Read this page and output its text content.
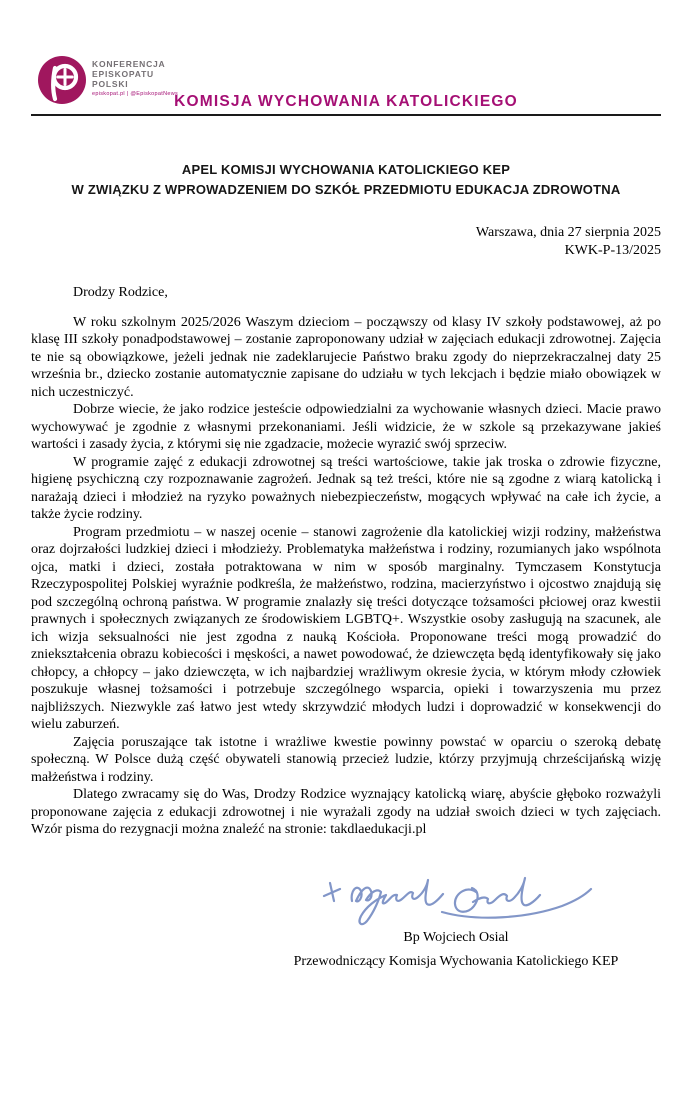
KONFERENCJA
EPISKOPATU
POLSKI
episkopat.pl | @EpiskopatNews
KOMISJA WYCHOWANIA KATOLICKIEGO
APEL KOMISJI WYCHOWANIA KATOLICKIEGO KEP
W ZWIĄZKU Z WPROWADZENIEM DO SZKÓŁ PRZEDMIOTU EDUKACJA ZDROWOTNA
Warszawa, dnia 27 sierpnia 2025
KWK-P-13/2025

Drodzy Rodzice,

W roku szkolnym 2025/2026 Waszym dzieciom – począwszy od klasy IV szkoły podstawowej, aż po klasę III szkoły ponadpodstawowej – zostanie zaproponowany udział w zajęciach edukacji zdrowotnej. Zajęcia te nie są obowiązkowe, jeżeli jednak nie zadeklarujecie Państwo braku zgody do nieprzekraczalnej daty 25 września br., dziecko zostanie automatycznie zapisane do udziału w tych lekcjach i będzie miało obowiązek w nich uczestniczyć.

Dobrze wiecie, że jako rodzice jesteście odpowiedzialni za wychowanie własnych dzieci. Macie prawo wychowywać je zgodnie z własnymi przekonaniami. Jeśli widzicie, że w szkole są przekazywane jakieś wartości i zasady życia, z którymi się nie zgadzacie, możecie wyrazić swój sprzeciw.

W programie zajęć z edukacji zdrowotnej są treści wartościowe, takie jak troska o zdrowie fizyczne, higienę psychiczną czy rozpoznawanie zagrożeń. Jednak są też treści, które nie są zgodne z wiarą katolicką i narażają dzieci i młodzież na ryzyko poważnych niebezpieczeństw, mogących wpływać na całe ich życie, a także życie rodziny.

Program przedmiotu – w naszej ocenie – stanowi zagrożenie dla katolickiej wizji rodziny, małżeństwa oraz dojrzałości ludzkiej dzieci i młodzieży. Problematyka małżeństwa i rodziny, rozumianych jako wspólnota ojca, matki i dzieci, została potraktowana w nim w sposób marginalny. Tymczasem Konstytucja Rzeczypospolitej Polskiej wyraźnie podkreśla, że małżeństwo, rodzina, macierzyństwo i ojcostwo znajdują się pod szczególną ochroną państwa. W programie znalazły się treści dotyczące tożsamości płciowej oraz kwestii prawnych i społecznych związanych ze środowiskiem LGBTQ+. Wszystkie osoby zasługują na szacunek, ale ich wizja seksualności nie jest zgodna z nauką Kościoła. Proponowane treści mogą prowadzić do zniekształcenia obrazu kobiecości i męskości, a nawet powodować, że dziewczęta będą identyfikowały się jako chłopcy, a chłopcy – jako dziewczęta, w ich najbardziej wrażliwym okresie życia, w którym młody człowiek poszukuje własnej tożsamości i potrzebuje szczególnego wsparcia, opieki i towarzyszenia mu przez najbliższych. Niezwykle zaś łatwo jest wtedy skrzywdzić młodych ludzi i doprowadzić w konsekwencji do wielu zaburzeń.

Zajęcia poruszające tak istotne i wrażliwe kwestie powinny powstać w oparciu o szeroką debatę społeczną. W Polsce dużą część obywateli stanowią przecież ludzie, którzy przyjmują chrześcijańską wizję małżeństwa i rodziny.

Dlatego zwracamy się do Was, Drodzy Rodzice wyznający katolicką wiarę, abyście głęboko rozważyli proponowane zajęcia z edukacji zdrowotnej i nie wyrażali zgody na udział swoich dzieci w tych zajęciach. Wzór pisma do rezygnacji można znaleźć na stronie: takdlaedukacji.pl

Bp Wojciech Osial
Przewodniczący Komisja Wychowania Katolickiego KEP
